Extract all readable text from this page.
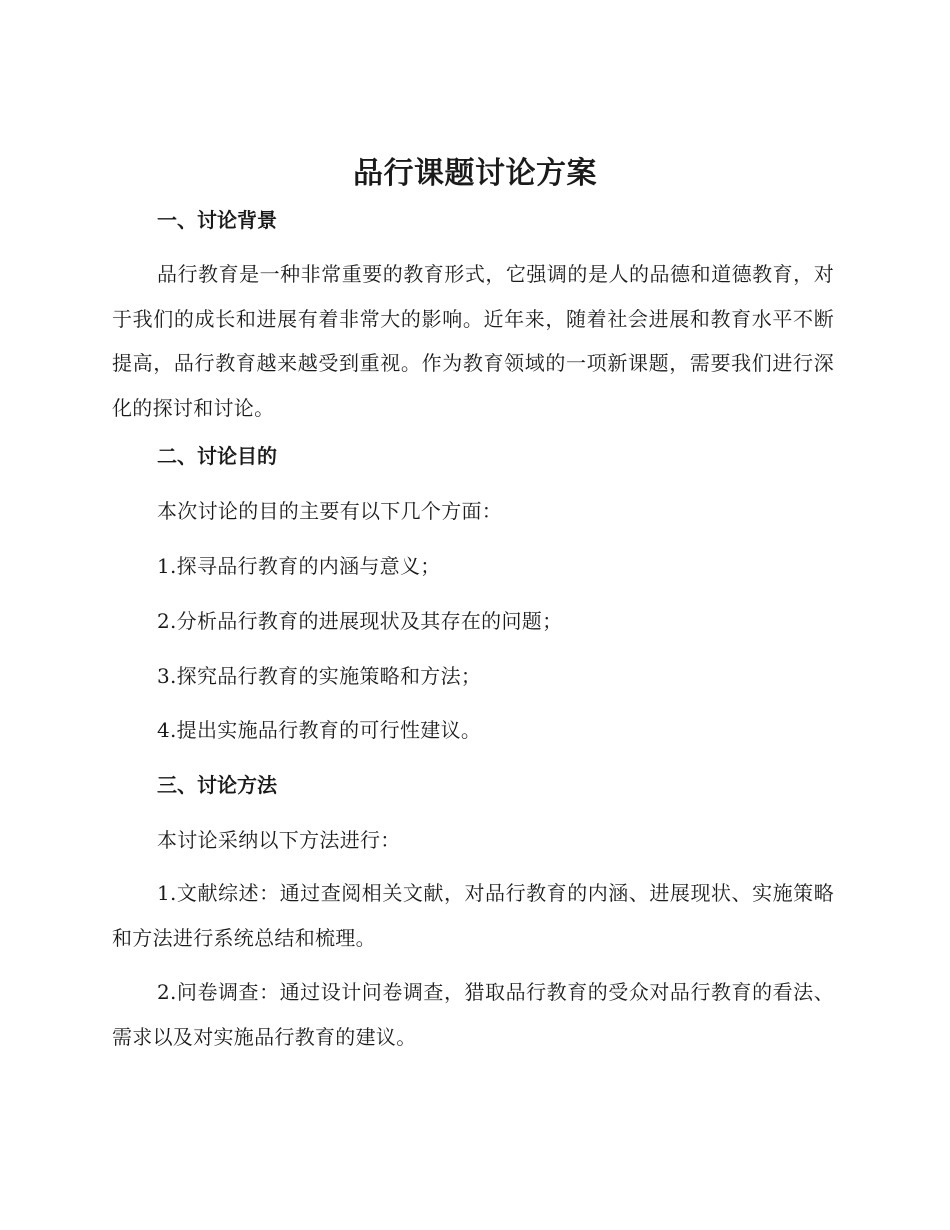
品行课题讨论方案
一、讨论背景
品行教育是一种非常重要的教育形式，它强调的是人的品德和道德教育，对于我们的成长和进展有着非常大的影响。近年来，随着社会进展和教育水平不断提高，品行教育越来越受到重视。作为教育领域的一项新课题，需要我们进行深化的探讨和讨论。
二、讨论目的
本次讨论的目的主要有以下几个方面：
1.探寻品行教育的内涵与意义；
2.分析品行教育的进展现状及其存在的问题；
3.探究品行教育的实施策略和方法；
4.提出实施品行教育的可行性建议。
三、讨论方法
本讨论采纳以下方法进行：
1.文献综述：通过查阅相关文献，对品行教育的内涵、进展现状、实施策略和方法进行系统总结和梳理。
2.问卷调查：通过设计问卷调查，猎取品行教育的受众对品行教育的看法、需求以及对实施品行教育的建议。
